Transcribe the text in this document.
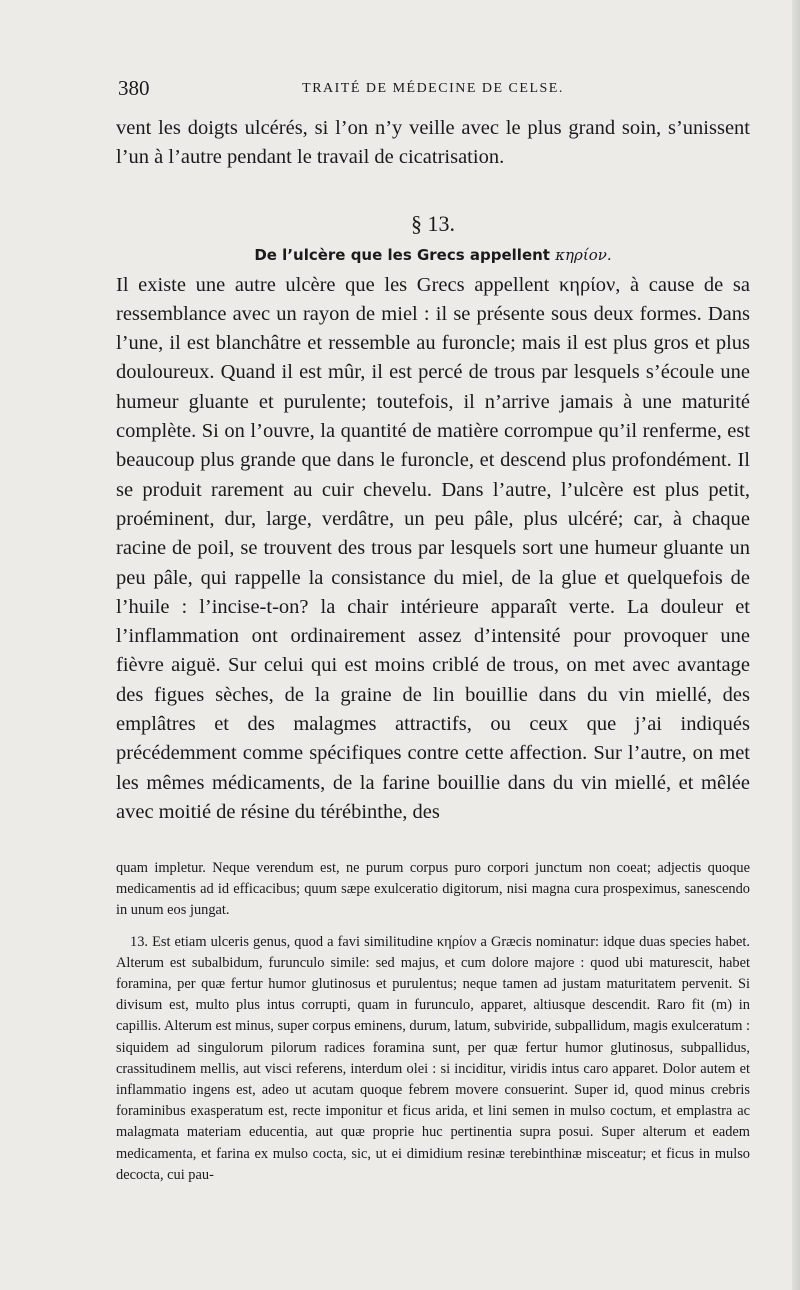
380	TRAITÉ DE MÉDECINE DE CELSE.

vent les doigts ulcérés, si l’on n’y veille avec le plus grand soin, s’unissent l’un à l’autre pendant le travail de cicatrisation.

§ 13.
De l’ulcère que les Grecs appellent κηρίον.

Il existe une autre ulcère que les Grecs appellent κηρίον, à cause de sa ressemblance avec un rayon de miel : il se présente sous deux formes. Dans l’une, il est blanchâtre et ressemble au furoncle; mais il est plus gros et plus douloureux. Quand il est mûr, il est percé de trous par lesquels s’écoule une humeur gluante et purulente; toutefois, il n’arrive jamais à une maturité complète. Si on l’ouvre, la quantité de matière corrompue qu’il renferme, est beaucoup plus grande que dans le furoncle, et descend plus profondément. Il se produit rarement au cuir chevelu. Dans l’autre, l’ulcère est plus petit, proéminent, dur, large, verdâtre, un peu pâle, plus ulcéré; car, à chaque racine de poil, se trouvent des trous par lesquels sort une humeur gluante un peu pâle, qui rappelle la consistance du miel, de la glue et quelquefois de l’huile : l’incise-t-on? la chair intérieure apparaît verte. La douleur et l’inflammation ont ordinairement assez d’intensité pour provoquer une fièvre aiguë. Sur celui qui est moins criblé de trous, on met avec avantage des figues sèches, de la graine de lin bouillie dans du vin miellé, des emplâtres et des malagmes attractifs, ou ceux que j’ai indiqués précédemment comme spécifiques contre cette affection. Sur l’autre, on met les mêmes médicaments, de la farine bouillie dans du vin miellé, et mêlée avec moitié de résine du térébinthe, des

quam impletur. Neque verendum est, ne purum corpus puro corpori junctum non coeat; adjectis quoque medicamentis ad id efficacibus; quum sæpe exulceratio digitorum, nisi magna cura prospeximus, sanescendo in unum eos jungat.

13. Est etiam ulceris genus, quod a favi similitudine κηρίον a Græcis nominatur: idque duas species habet. Alterum est subalbidum, furunculo simile: sed majus, et cum dolore majore : quod ubi maturescit, habet foramina, per quæ fertur humor glutinosus et purulentus; neque tamen ad justam maturitatem pervenit. Si divisum est, multo plus intus corrupti, quam in furunculo, apparet, altiusque descendit. Raro fit (m) in capillis. Alterum est minus, super corpus eminens, durum, latum, subviride, subpallidum, magis exulceratum : siquidem ad singulorum pilorum radices foramina sunt, per quæ fertur humor glutinosus, subpallidus, crassitudinem mellis, aut visci referens, interdum olei : si inciditur, viridis intus caro apparet. Dolor autem et inflammatio ingens est, adeo ut acutam quoque febrem movere consuerint. Super id, quod minus crebris foraminibus exasperatum est, recte imponitur et ficus arida, et lini semen in mulso coctum, et emplastra ac malagmata materiam educentia, aut quæ proprie huc pertinentia supra posui. Super alterum et eadem medicamenta, et farina ex mulso cocta, sic, ut ei dimidium resinæ terebinthinæ misceatur; et ficus in mulso decocta, cui pau-
